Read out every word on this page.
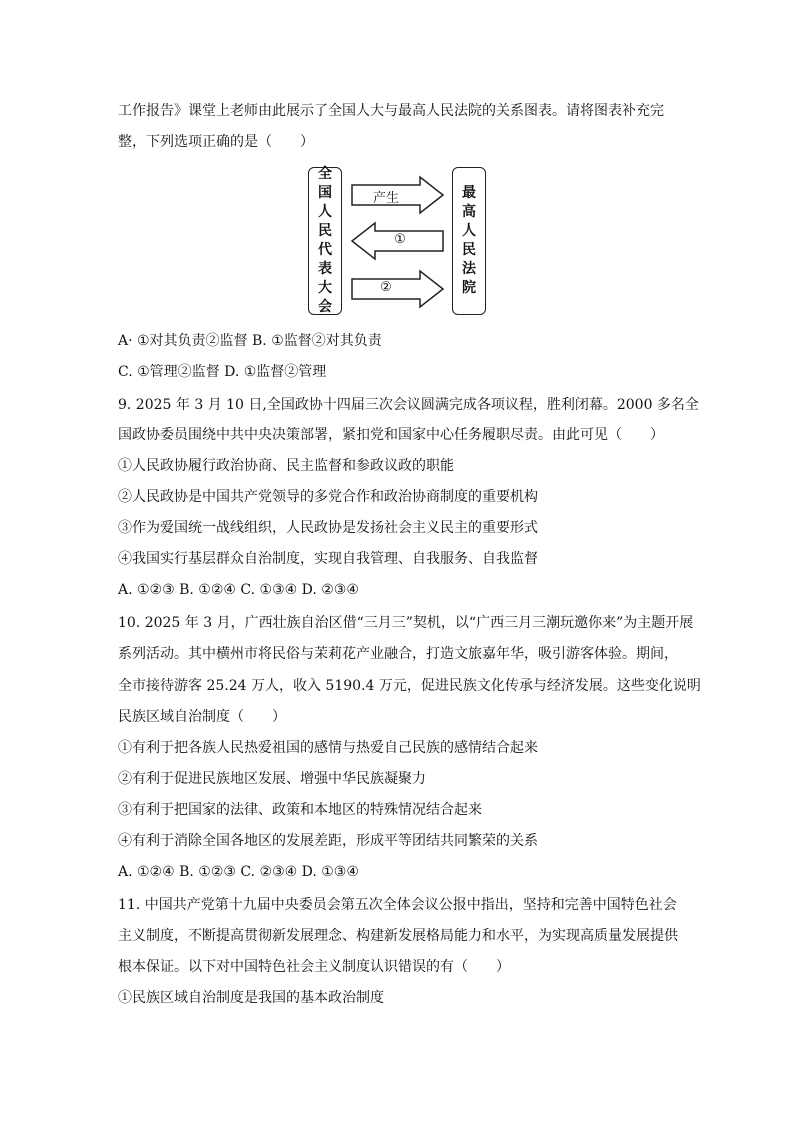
工作报告》课堂上老师由此展示了全国人大与最高人民法院的关系图表。请将图表补充完
整，下列选项正确的是（　　）
全
国
人
民
代
表
大
会
最
高
人
民
法
院
产生
①
②
A· ①对其负责②监督 B. ①监督②对其负责
C. ①管理②监督 D. ①监督②管理
9. 2025 年 3 月 10 日,全国政协十四届三次会议圆满完成各项议程，胜利闭幕。2000 多名全
国政协委员围绕中共中央决策部署，紧扣党和国家中心任务履职尽责。由此可见（　　）
①人民政协履行政治协商、民主监督和参政议政的职能
②人民政协是中国共产党领导的多党合作和政治协商制度的重要机构
③作为爱国统一战线组织，人民政协是发扬社会主义民主的重要形式
④我国实行基层群众自治制度，实现自我管理、自我服务、自我监督
A. ①②③ B. ①②④ C. ①③④ D. ②③④
10. 2025 年 3 月，广西壮族自治区借“三月三”契机，以“广西三月三潮玩邀你来”为主题开展
系列活动。其中横州市将民俗与茉莉花产业融合，打造文旅嘉年华，吸引游客体验。期间，
全市接待游客 25.24 万人，收入 5190.4 万元，促进民族文化传承与经济发展。这些变化说明
民族区域自治制度（　　）
①有利于把各族人民热爱祖国的感情与热爱自己民族的感情结合起来
②有利于促进民族地区发展、增强中华民族凝聚力
③有利于把国家的法律、政策和本地区的特殊情况结合起来
④有利于消除全国各地区的发展差距，形成平等团结共同繁荣的关系
A. ①②④ B. ①②③ C. ②③④ D. ①③④
11. 中国共产党第十九届中央委员会第五次全体会议公报中指出，坚持和完善中国特色社会
主义制度，不断提高贯彻新发展理念、构建新发展格局能力和水平，为实现高质量发展提供
根本保证。以下对中国特色社会主义制度认识错误的有（　　）
①民族区域自治制度是我国的基本政治制度
